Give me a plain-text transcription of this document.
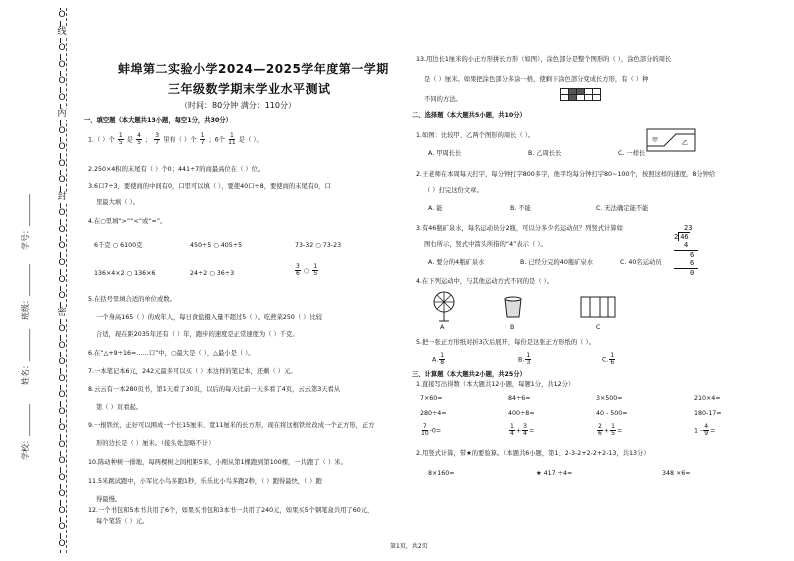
O
线
O
O
O
O
内
O
O
O
O
封
O
O
O
O
O
O
密
O
O
O
O
O
O
O
O
O
O
O
O
O
O
学号：________
班级：________
姓名：________
学校：________
蚌埠第二实验小学2024—2025学年度第一学期
三年级数学期末学业水平测试
（时间：80分钟 满分：110分）
一、填空题（本大题共13小题，每空1分，共30分）
1.（ ）个 $\frac{1}{5}$ 是 $\frac{4}{5}$ ； $\frac{3}{7}$ 里有（ ）个 $\frac{1}{7}$ ；6个 $\frac{1}{11}$ 是（ ）。
2.250×4积的末尾有（ ）个0；441÷7的商最高位在（ ）位。
3.6口7÷3，要使商的中间有0，口里可以填（ ），要使40口÷8，要使商的末尾有0，口
里最大填（ ）。
4.在○里填“>”“<”或“=”。
6千克 ○ 6100克	450÷5 ○ 405÷5	73-32 ○ 73-23
136×4×2 ○ 136×6	24÷2 ○ 36÷3	$\frac{3}{6}$ ○ $\frac{1}{5}$
5.在括号里填合适的单位或数。
一个身高165（ ）的成年人，每日食盐摄入量不超过5（ ）。吃蔗菜250（ ）比较
合适，现在距2035年还有（ ）年，跑步的速度是正常速度为（ ）千克。
6.在“△+9÷16=……口”中，○最大是（ ），△最小是（ ）。
7.一本笔记本6元，242元最多可以买（ ）本这样的笔记本，还剩（ ）元。
8.云云有一本280页书，第1天看了30页，以后的每天比前一天多看了4页，云云第3天看从
第（ ）页看起。
9.一根铁丝，正好可以围成一个长15厘米、宽11厘米的长方形，现在将这根铁丝改成一个正方形，正方
形的边长是（ ）厘米。（接头处忽略不计）
10.陈动种树一排地，每两棵树之间相距5米，小刚从第1棵跑到第100棵，一共跑了（ ）米。
11.5米跳试跑中，小军比小鸟多跑1秒，乐乐比小鸟多跑2秒，（ ）跑得最快，（ ）跑
得最慢。
12.一个书包和5本书共用了6个，如果买书包和3本书一共用了240元，如果买5个钢笔盒共用了60元，
每个笔袋（ ）元。
13.用边长1厘米的小正方形拼长方形（如图），涂色部分是整个图形的（ ），涂色部分的周长
是（ ）厘米。如果把涂色部分多涂一格，使剩下涂色部分变成长方形，有（ ）种
不同的方法。
二、选择题（本大题共5小题，共10分）
1.如图：比较甲、乙两个图形的周长（ ）。
A. 甲周长长	B. 乙周长长	C. 一样长
甲	乙
2.王老师在本周每天打字，每分钟打字800多字，他平均每分钟打字80~100个，按照这样的速度，8分钟给
（ ）打完这份文章。
A. 能	B. 不能	C. 无法确定能不能
3.有46瓶矿泉水，每名运动员分2瓶，可以分多少名运动员？列竖式计算如
图右所示，竖式中箭头所指的“4”表示（ ）。
23
2 46
4
6
6
0
A. 要分的4瓶矿泉水	B. 已经分完的40瓶矿泉水	C. 40名运动员
4.在下列运动中，与其他运动方式不同的是（ ）。
A	B	C
5.把一张正方形纸对折3次后展开，每份是这张正方形纸的（ ）。
A. $\frac{1}{8}$	B. $\frac{1}{3}$	C. $\frac{1}{6}$
三、计算题（本大题共2小题，共25分）
1.直接写出得数（本大题共12小题，每题1分，共12分）
7×60=	84÷6=	3×500=	210×4=
280÷4=	400÷8=	40 - 500=	180-17=
$\frac{7}{10} -0=$	$\frac{1}{4} + \frac{3}{4}$ =	$\frac{2}{6} + \frac{1}{5}$ =	$1 - \frac{4}{9}$ =
2.用竖式计算，带★的要验算。（本题共6小题，第1、2-3-2+2-2+2-13，共13分）
8×160=	★ 417 ÷4=	348 ×6=
第1页，共2页
